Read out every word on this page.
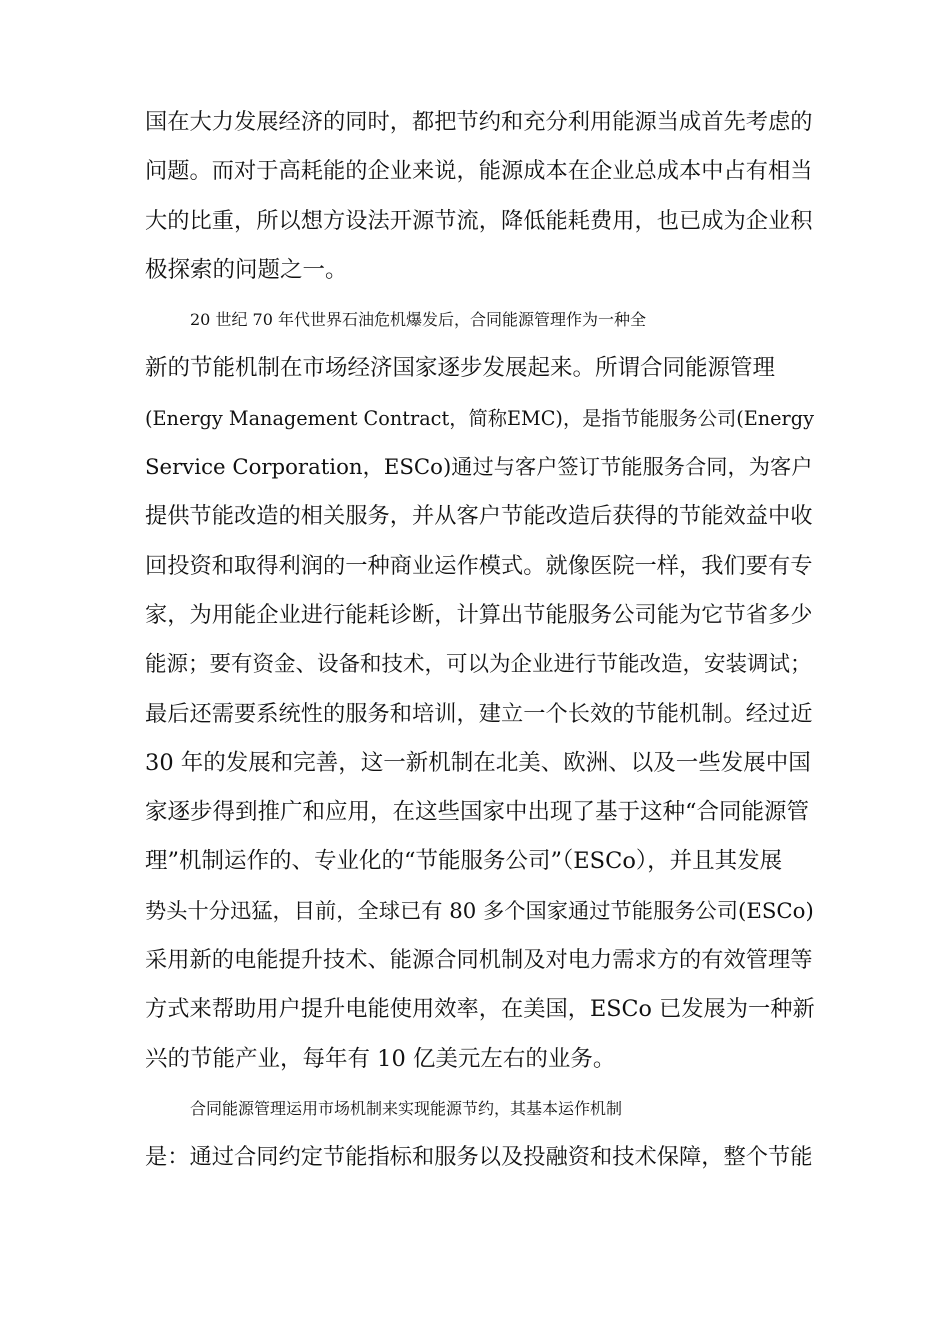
国在大力发展经济的同时，都把节约和充分利用能源当成首先考虑的
问题。而对于高耗能的企业来说，能源成本在企业总成本中占有相当
大的比重，所以想方设法开源节流，降低能耗费用，也已成为企业积
极探索的问题之一。
20 世纪 70 年代世界石油危机爆发后，合同能源管理作为一种全
新的节能机制在市场经济国家逐步发展起来。所谓合同能源管理
(Energy Management Contract，简称EMC)，是指节能服务公司(Energy
Service Corporation，ESCo)通过与客户签订节能服务合同，为客户
提供节能改造的相关服务，并从客户节能改造后获得的节能效益中收
回投资和取得利润的一种商业运作模式。就像医院一样，我们要有专
家，为用能企业进行能耗诊断，计算出节能服务公司能为它节省多少
能源；要有资金、设备和技术，可以为企业进行节能改造，安装调试；
最后还需要系统性的服务和培训，建立一个长效的节能机制。经过近
30 年的发展和完善，这一新机制在北美、欧洲、以及一些发展中国
家逐步得到推广和应用，在这些国家中出现了基于这种“合同能源管
理”机制运作的、专业化的“节能服务公司”（ESCo），并且其发展
势头十分迅猛，目前，全球已有 80 多个国家通过节能服务公司(ESCo)
采用新的电能提升技术、能源合同机制及对电力需求方的有效管理等
方式来帮助用户提升电能使用效率，在美国，ESCo 已发展为一种新
兴的节能产业，每年有 10 亿美元左右的业务。
合同能源管理运用市场机制来实现能源节约，其基本运作机制
是：通过合同约定节能指标和服务以及投融资和技术保障，整个节能
